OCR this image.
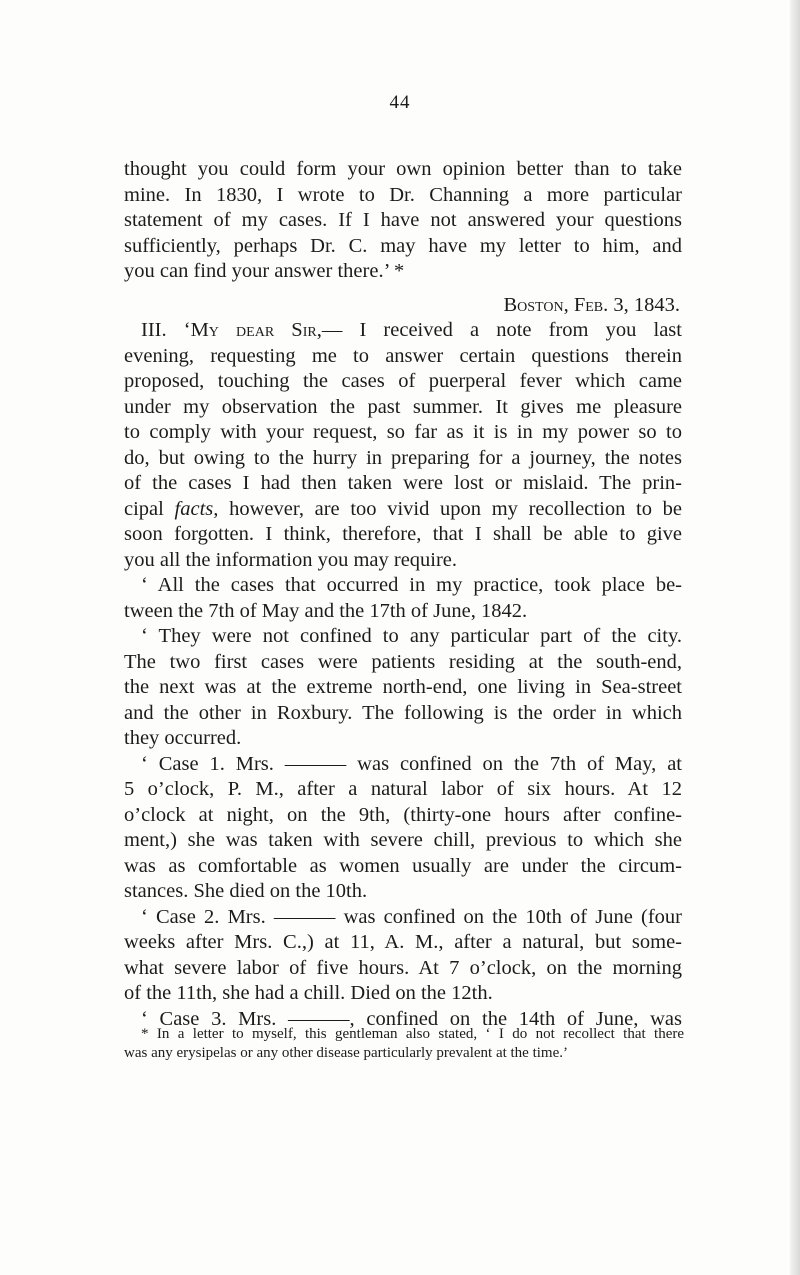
44
thought you could form your own opinion better than to take
mine. In 1830, I wrote to Dr. Channing a more particular
statement of my cases. If I have not answered your questions
sufficiently, perhaps Dr. C. may have my letter to him, and
you can find your answer there.’ *
Boston, Feb. 3, 1843.
III. ‘My dear Sir,— I received a note from you last
evening, requesting me to answer certain questions therein
proposed, touching the cases of puerperal fever which came
under my observation the past summer. It gives me pleasure
to comply with your request, so far as it is in my power so to
do, but owing to the hurry in preparing for a journey, the notes
of the cases I had then taken were lost or mislaid. The prin-
cipal facts, however, are too vivid upon my recollection to be
soon forgotten. I think, therefore, that I shall be able to give
you all the information you may require.
‘ All the cases that occurred in my practice, took place be-
tween the 7th of May and the 17th of June, 1842.
‘ They were not confined to any particular part of the city.
The two first cases were patients residing at the south-end,
the next was at the extreme north-end, one living in Sea-street
and the other in Roxbury. The following is the order in which
they occurred.
‘ Case 1. Mrs. ——— was confined on the 7th of May, at
5 o’clock, P. M., after a natural labor of six hours. At 12
o’clock at night, on the 9th, (thirty-one hours after confine-
ment,) she was taken with severe chill, previous to which she
was as comfortable as women usually are under the circum-
stances. She died on the 10th.
‘ Case 2. Mrs. ——— was confined on the 10th of June (four
weeks after Mrs. C.,) at 11, A. M., after a natural, but some-
what severe labor of five hours. At 7 o’clock, on the morning
of the 11th, she had a chill. Died on the 12th.
‘ Case 3. Mrs. ———, confined on the 14th of June, was
* In a letter to myself, this gentleman also stated, ‘ I do not recollect that there
was any erysipelas or any other disease particularly prevalent at the time.’
